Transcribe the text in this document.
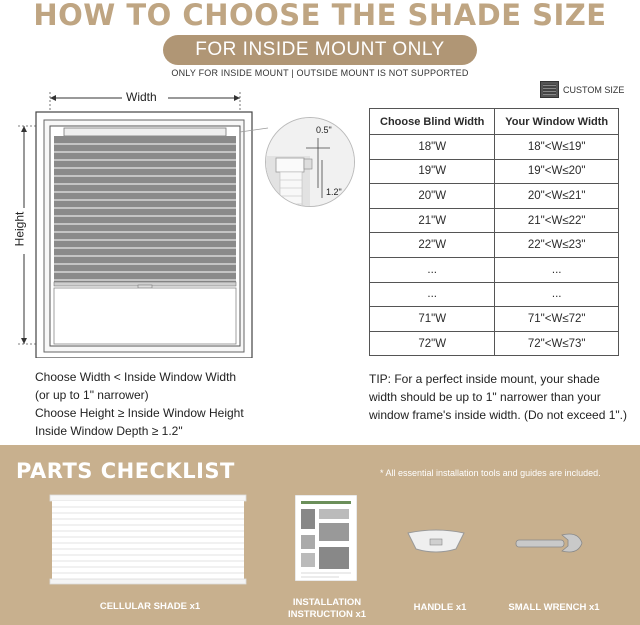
HOW TO CHOOSE THE SHADE SIZE
FOR INSIDE MOUNT ONLY
ONLY FOR INSIDE MOUNT | OUTSIDE MOUNT IS NOT SUPPORTED
CUSTOM SIZE
Width
Height
0.5"
1.2"
Choose Blind Width	Your Window Width
18"W	18"<W≤19"
19"W	19"<W≤20"
20"W	20"<W≤21"
21"W	21"<W≤22"
22"W	22"<W≤23"
...	...
...	...
71"W	71"<W≤72"
72"W	72"<W≤73"
Choose Width < Inside Window Width
(or up to 1" narrower)
Choose Height ≥ Inside Window Height
Inside Window Depth ≥ 1.2"
TIP: For a perfect inside mount, your shade width should be up to 1" narrower than your window frame's inside width. (Do not exceed 1".)
PARTS CHECKLIST	* All essential installation tools and guides are included.
CELLULAR SHADE x1	INSTALLATION INSTRUCTION x1
HANDLE x1	SMALL WRENCH x1
